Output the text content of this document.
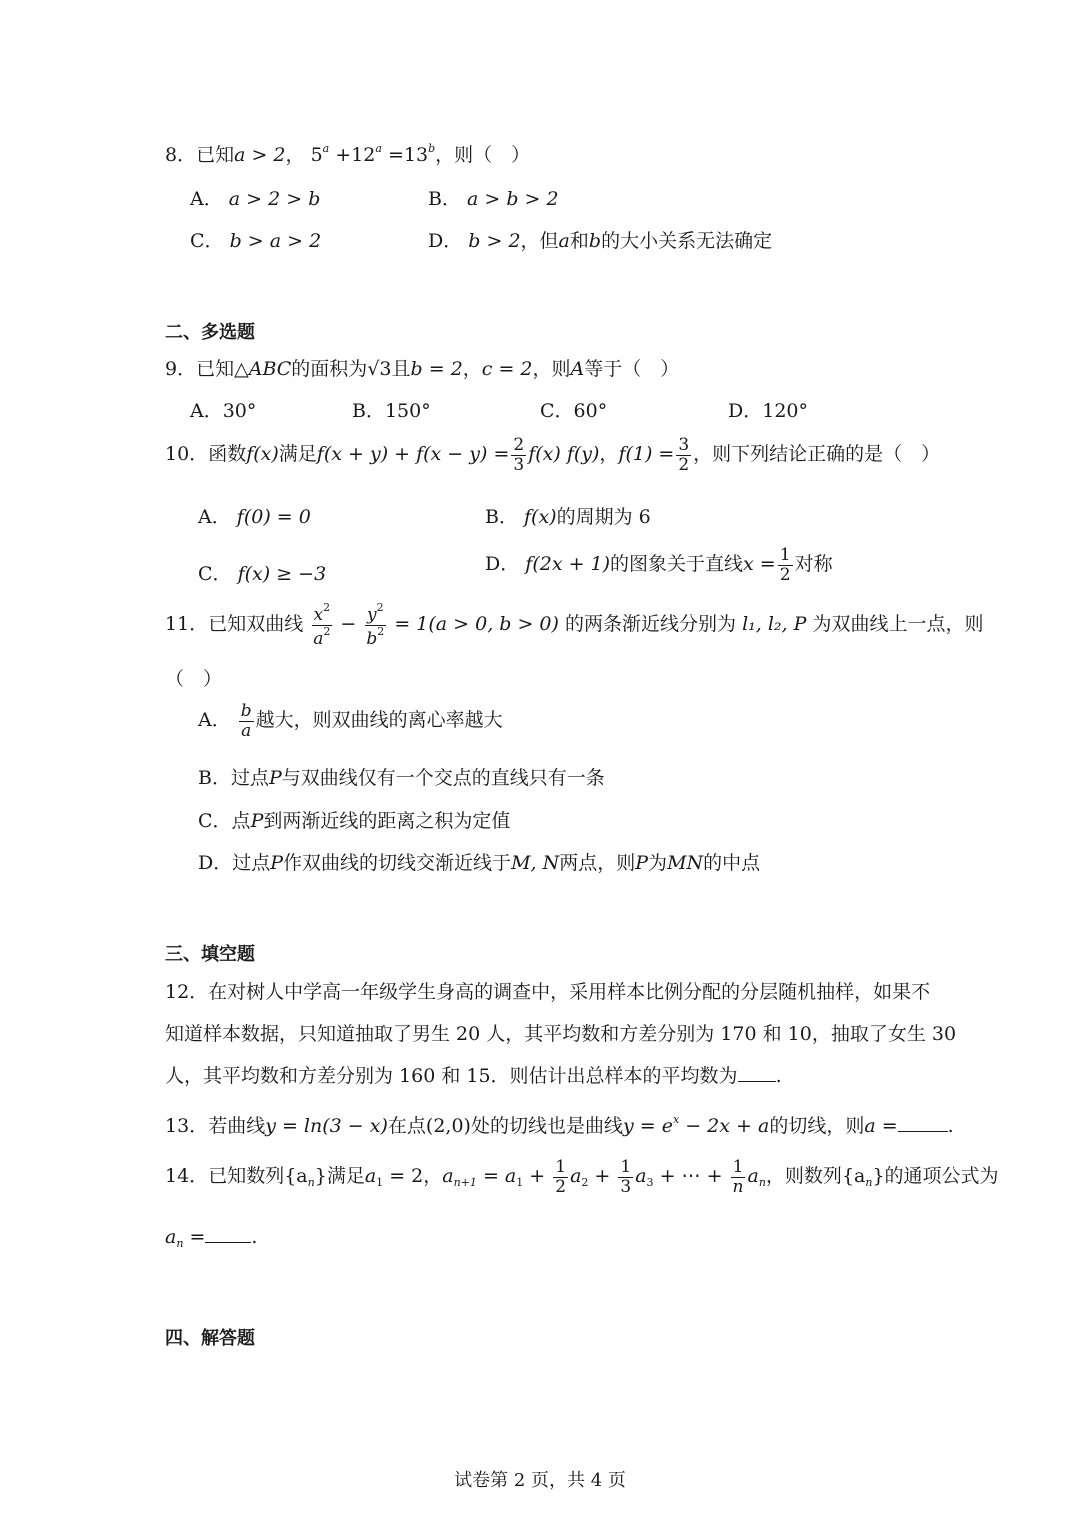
8．已知a > 2， $5^a +12^a =13^b$，则（　）
A． a > 2 > b	B． a > b > 2
C． b > a > 2	D． b > 2，但a和b的大小关系无法确定
二、多选题
9．已知△ABC的面积为√3且b = 2，c = 2，则A等于（　）
A．30°	B．150°	C．60°	D．120°
10．函数f(x)满足$f(x + y) + f(x - y) = \frac{2}{3} f(x)$ f(y)，$f(1) = \frac{3}{2}$ ，则下列结论正确的是（　）
A． f(0) = 0	B． f(x)的周期为 6
C． f(x) ≥ −3	D． f(2x + 1)的图象关于直线$x = \frac{1}{2}$ 对称
11．已知双曲线 $\frac{x^2}{a^2} - \frac{y^2}{b^2} = 1(a > 0$, b > 0) 的两条渐近线分别为 l₁, l₂, P 为双曲线上一点，则
（　）
A． $\frac{b}{a}$ 越大，则双曲线的离心率越大
B．过点P与双曲线仅有一个交点的直线只有一条
C．点P到两渐近线的距离之积为定值
D．过点P作双曲线的切线交渐近线于M, N两点，则P为MN的中点
三、填空题
12．在对树人中学高一年级学生身高的调查中，采用样本比例分配的分层随机抽样，如果不
知道样本数据，只知道抽取了男生 20 人，其平均数和方差分别为 170 和 10，抽取了女生 30
人，其平均数和方差分别为 160 和 15．则估计出总样本的平均数为 .
13．若曲线y = ln(3 − x)在点(2,0)处的切线也是曲线$y = e^x - 2x + a$的切线，则a =	.
14．已知数列$\{a_n\}$满足$a_1 = 2$，$a_{n+1} = a_1 + \frac{1}{2} a_2 + \frac{1}{3} a_3$ + ⋯ + $\frac{1}{n} a_n$，则数列$\{a_n\}$的通项公式为
$a_n$ = .
四、解答题
试卷第 2 页，共 4 页
